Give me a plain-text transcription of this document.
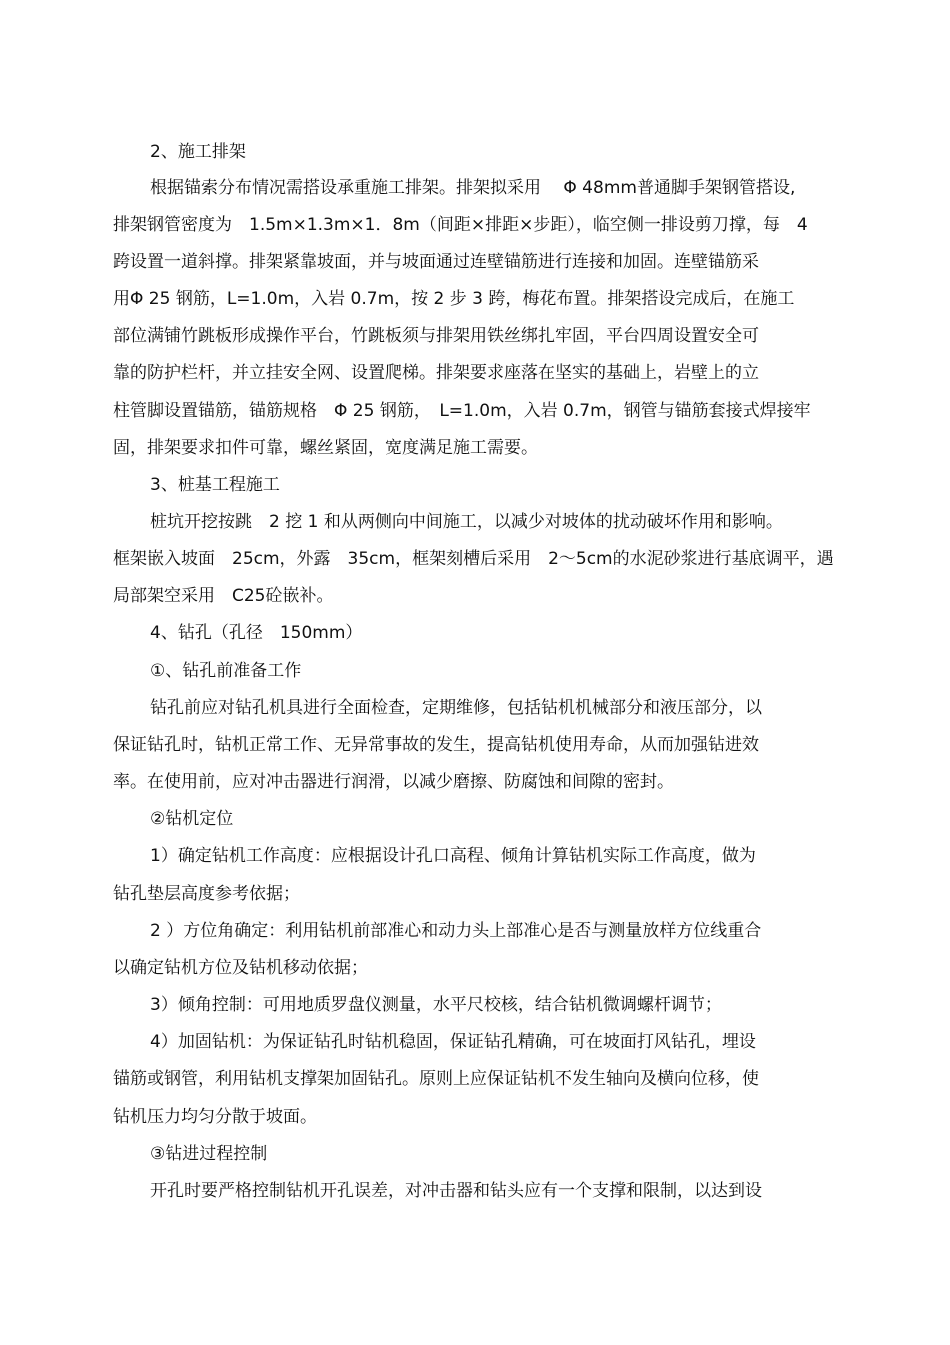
2、施工排架
根据锚索分布情况需搭设承重施工排架。排架拟采用　 Φ 48mm普通脚手架钢管搭设,
排架钢管密度为　1.5m×1.3m×1．8m（间距×排距×步距），临空侧一排设剪刀撑，每　4
跨设置一道斜撑。排架紧靠坡面，并与坡面通过连壁锚筋进行连接和加固。连壁锚筋采
用Φ 25 钢筋，L=1.0m，入岩 0.7m，按 2 步 3 跨，梅花布置。排架搭设完成后，在施工
部位满铺竹跳板形成操作平台，竹跳板须与排架用铁丝绑扎牢固，平台四周设置安全可
靠的防护栏杆，并立挂安全网、设置爬梯。排架要求座落在坚实的基础上，岩壁上的立
柱管脚设置锚筋，锚筋规格　Φ 25 钢筋，　L=1.0m，入岩 0.7m，钢管与锚筋套接式焊接牢
固，排架要求扣件可靠，螺丝紧固，宽度满足施工需要。
3、桩基工程施工
桩坑开挖按跳　2 挖 1 和从两侧向中间施工，以减少对坡体的扰动破坏作用和影响。
框架嵌入坡面　25cm，外露　35cm，框架刻槽后采用　2～5cm的水泥砂浆进行基底调平，遇
局部架空采用　C25砼嵌补。
4、钻孔（孔径　150mm）
①、钻孔前准备工作
钻孔前应对钻孔机具进行全面检查，定期维修，包括钻机机械部分和液压部分，以
保证钻孔时，钻机正常工作、无异常事故的发生，提高钻机使用寿命，从而加强钻进效
率。在使用前，应对冲击器进行润滑，以减少磨擦、防腐蚀和间隙的密封。
②钻机定位
1）确定钻机工作高度：应根据设计孔口高程、倾角计算钻机实际工作高度，做为
钻孔垫层高度参考依据；
2 ）方位角确定：利用钻机前部准心和动力头上部准心是否与测量放样方位线重合
以确定钻机方位及钻机移动依据；
3）倾角控制：可用地质罗盘仪测量，水平尺校核，结合钻机微调螺杆调节；
4）加固钻机：为保证钻孔时钻机稳固，保证钻孔精确，可在坡面打风钻孔，埋设
锚筋或钢管，利用钻机支撑架加固钻孔。原则上应保证钻机不发生轴向及横向位移，使
钻机压力均匀分散于坡面。
③钻进过程控制
开孔时要严格控制钻机开孔误差，对冲击器和钻头应有一个支撑和限制，以达到设
